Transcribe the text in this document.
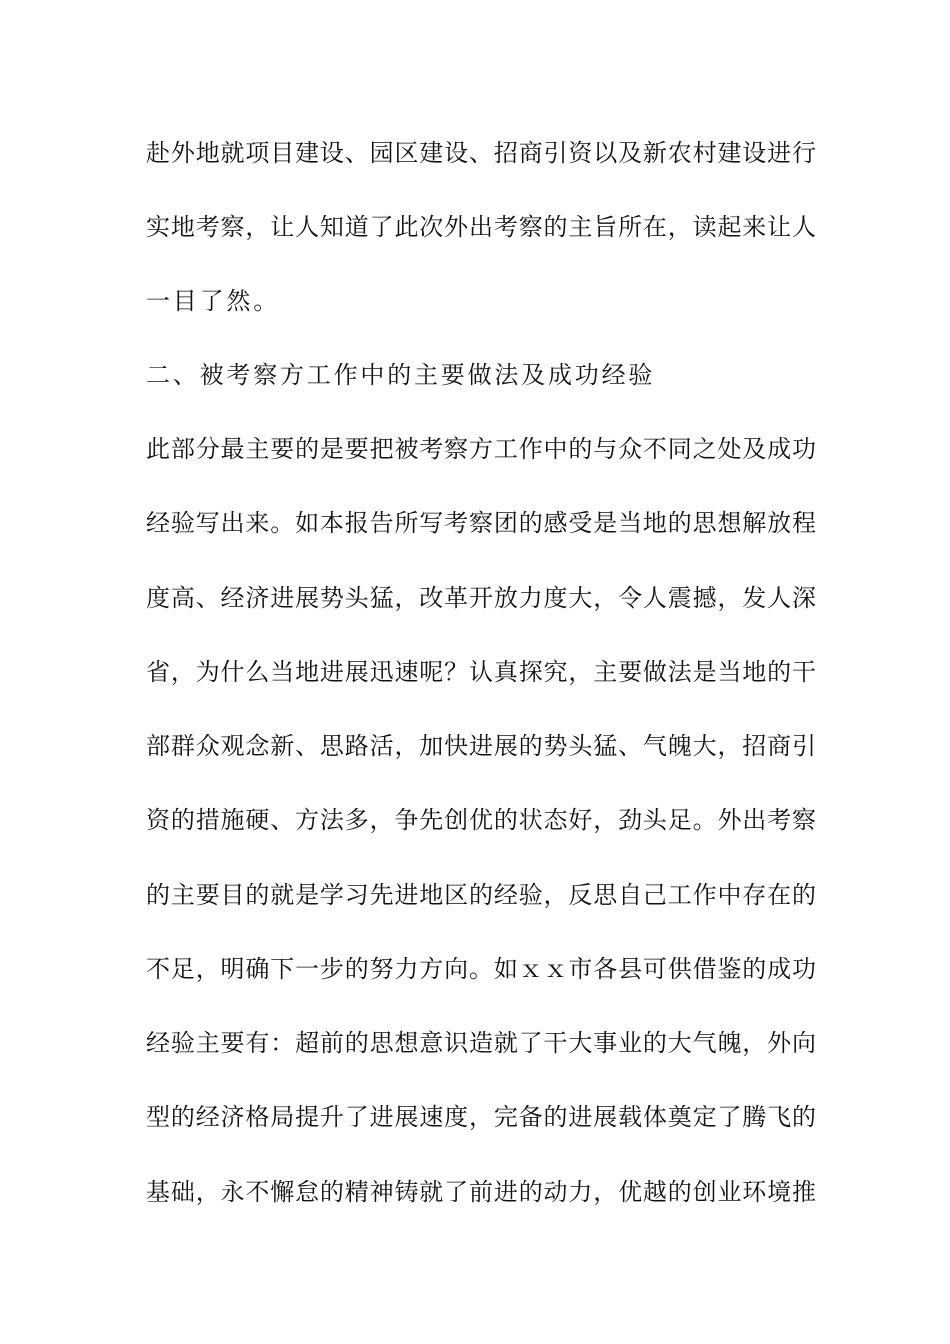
赴外地就项目建设、园区建设、招商引资以及新农村建设进行
实地考察，让人知道了此次外出考察的主旨所在，读起来让人
一目了然。
二、被考察方工作中的主要做法及成功经验
此部分最主要的是要把被考察方工作中的与众不同之处及成功
经验写出来。如本报告所写考察团的感受是当地的思想解放程
度高、经济进展势头猛，改革开放力度大，令人震撼，发人深
省，为什么当地进展迅速呢？认真探究，主要做法是当地的干
部群众观念新、思路活，加快进展的势头猛、气魄大，招商引
资的措施硬、方法多，争先创优的状态好，劲头足。外出考察
的主要目的就是学习先进地区的经验，反思自己工作中存在的
不足，明确下一步的努力方向。如ｘｘ市各县可供借鉴的成功
经验主要有：超前的思想意识造就了干大事业的大气魄，外向
型的经济格局提升了进展速度，完备的进展载体奠定了腾飞的
基础，永不懈怠的精神铸就了前进的动力，优越的创业环境推
